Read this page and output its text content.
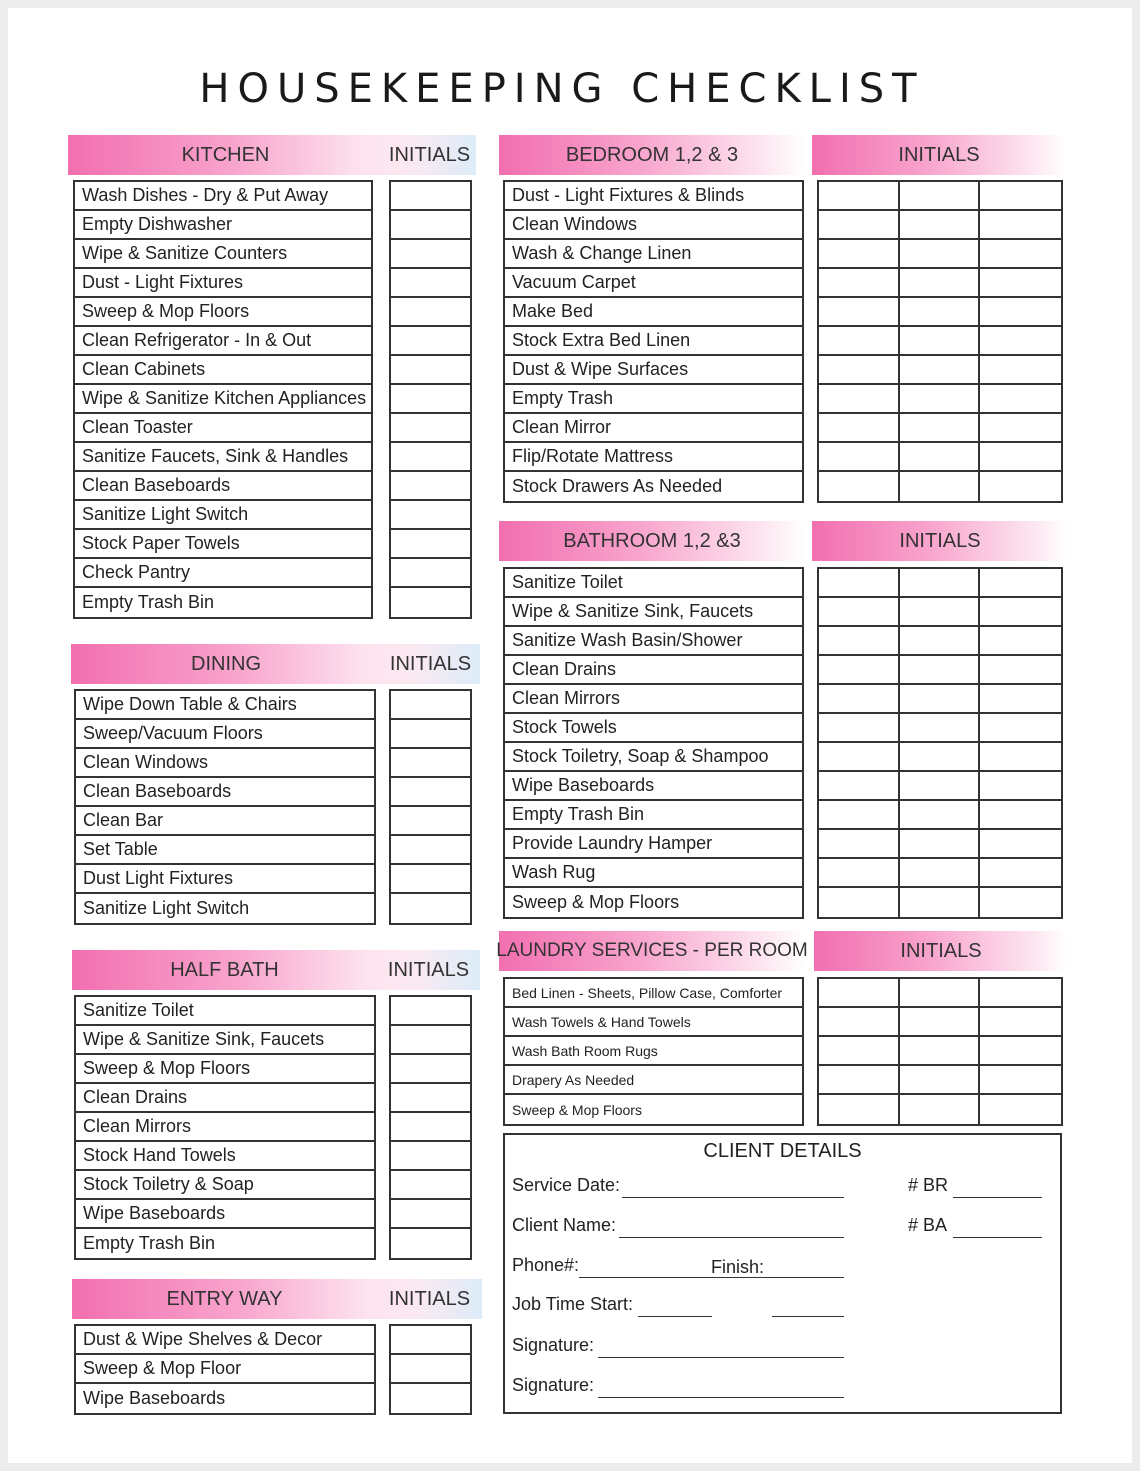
HOUSEKEEPING CHECKLIST
KITCHEN	INITIALS
Wash Dishes - Dry & Put Away
Empty Dishwasher
Wipe & Sanitize Counters
Dust - Light Fixtures
Sweep & Mop Floors
Clean Refrigerator - In & Out
Clean Cabinets
Wipe & Sanitize Kitchen Appliances
Clean Toaster
Sanitize Faucets, Sink & Handles
Clean Baseboards
Sanitize Light Switch
Stock Paper Towels
Check Pantry
Empty Trash Bin
DINING	INITIALS
Wipe Down Table & Chairs
Sweep/Vacuum Floors
Clean Windows
Clean Baseboards
Clean Bar
Set Table
Dust Light Fixtures
Sanitize Light Switch
HALF BATH	INITIALS
Sanitize Toilet
Wipe & Sanitize Sink, Faucets
Sweep & Mop Floors
Clean Drains
Clean Mirrors
Stock Hand Towels
Stock Toiletry & Soap
Wipe Baseboards
Empty Trash Bin
ENTRY WAY	INITIALS
Dust & Wipe Shelves & Decor
Sweep & Mop Floor
Wipe Baseboards
BEDROOM 1,2 & 3	INITIALS
Dust - Light Fixtures & Blinds
Clean Windows
Wash & Change Linen
Vacuum Carpet
Make Bed
Stock Extra Bed Linen
Dust & Wipe Surfaces
Empty Trash
Clean Mirror
Flip/Rotate Mattress
Stock Drawers As Needed
BATHROOM 1,2 &3	INITIALS
Sanitize Toilet
Wipe & Sanitize Sink, Faucets
Sanitize Wash Basin/Shower
Clean Drains
Clean Mirrors
Stock Towels
Stock Toiletry, Soap & Shampoo
Wipe Baseboards
Empty Trash Bin
Provide Laundry Hamper
Wash Rug
Sweep & Mop Floors
LAUNDRY SERVICES - PER ROOM	INITIALS
Bed Linen - Sheets, Pillow Case, Comforter
Wash Towels & Hand Towels
Wash Bath Room Rugs
Drapery As Needed
Sweep & Mop Floors
CLIENT DETAILS
Service Date:	# BR
Client Name:	# BA
Phone#:	Finish:
Job Time Start:
Signature:
Signature:
